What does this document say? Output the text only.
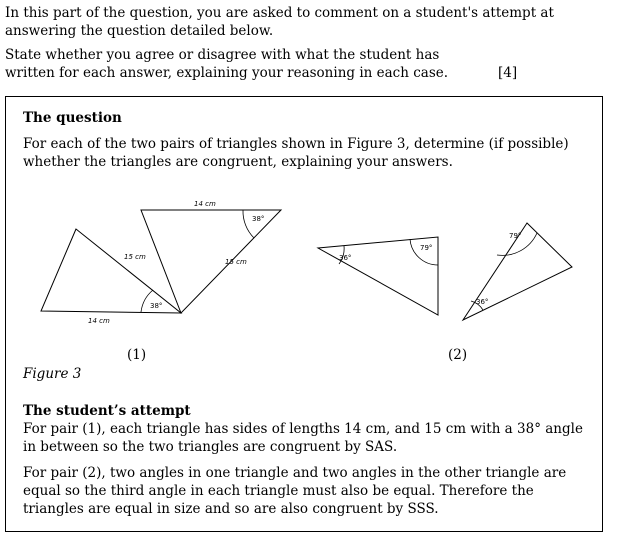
In this part of the question, you are asked to comment on a student's attempt at answering the question detailed below.

State whether you agree or disagree with what the student has written for each answer, explaining your reasoning in each case.	[4]
The question
For each of the two pairs of triangles shown in Figure 3, determine (if possible) whether the triangles are congruent, explaining your answers.
38°
15 cm
14 cm
38°
14 cm
15 cm	36°
79°
79°
36°
(1)	(2)
Figure 3
The student’s attempt
For pair (1), each triangle has sides of lengths 14 cm, and 15 cm with a 38° angle in between so the two triangles are congruent by SAS.
For pair (2), two angles in one triangle and two angles in the other triangle are equal so the third angle in each triangle must also be equal. Therefore the triangles are equal in size and so are also congruent by SSS.
